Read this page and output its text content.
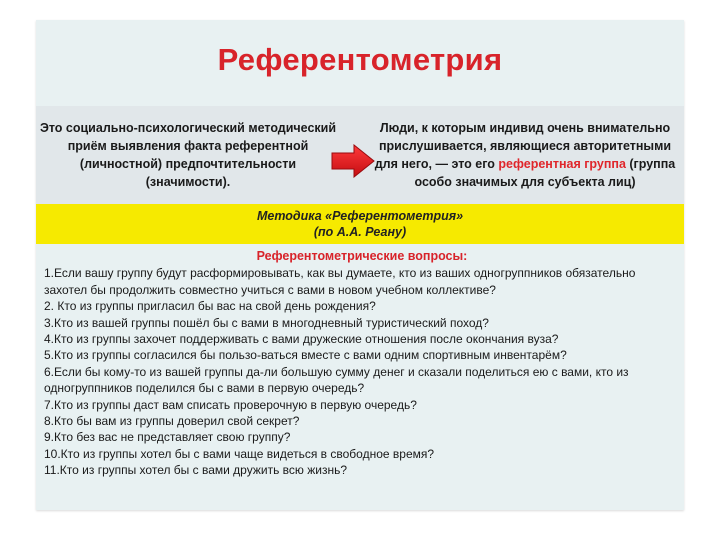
Референтометрия
Это социально-психологический методический приём выявления факта референтной (личностной) предпочтительности (значимости).
Люди, к которым индивид очень внимательно прислушивается, являющиеся авторитетными для него, — это его референтная группа (группа особо значимых для субъекта лиц)
Методика «Референтометрия»
(по А.А. Реану)
Референтометрические вопросы:

1.Если вашу группу будут расформировывать, как вы думаете, кто из ваших одногруппников обязательно захотел бы продолжить совместно учиться с вами в новом учебном коллективе?

2. Кто из группы пригласил бы вас на свой день рождения?

3.Кто из вашей группы пошёл бы с вами в многодневный туристический поход?

4.Кто из группы захочет поддерживать с вами дружеские отношения после окончания вуза?

5.Кто из группы согласился бы пользо-ваться вместе с вами одним спортивным инвентарём?

6.Если бы кому-то из вашей группы да-ли большую сумму денег и сказали поделиться ею с вами, кто из одногруппников поделился бы с вами в первую очередь?

7.Кто из группы даст вам списать проверочную в первую очередь?

8.Кто бы вам из группы доверил свой секрет?

9.Кто без вас не представляет свою группу?

10.Кто из группы хотел бы с вами чаще видеться в свободное время?

11.Кто из группы хотел бы с вами дружить всю жизнь?
